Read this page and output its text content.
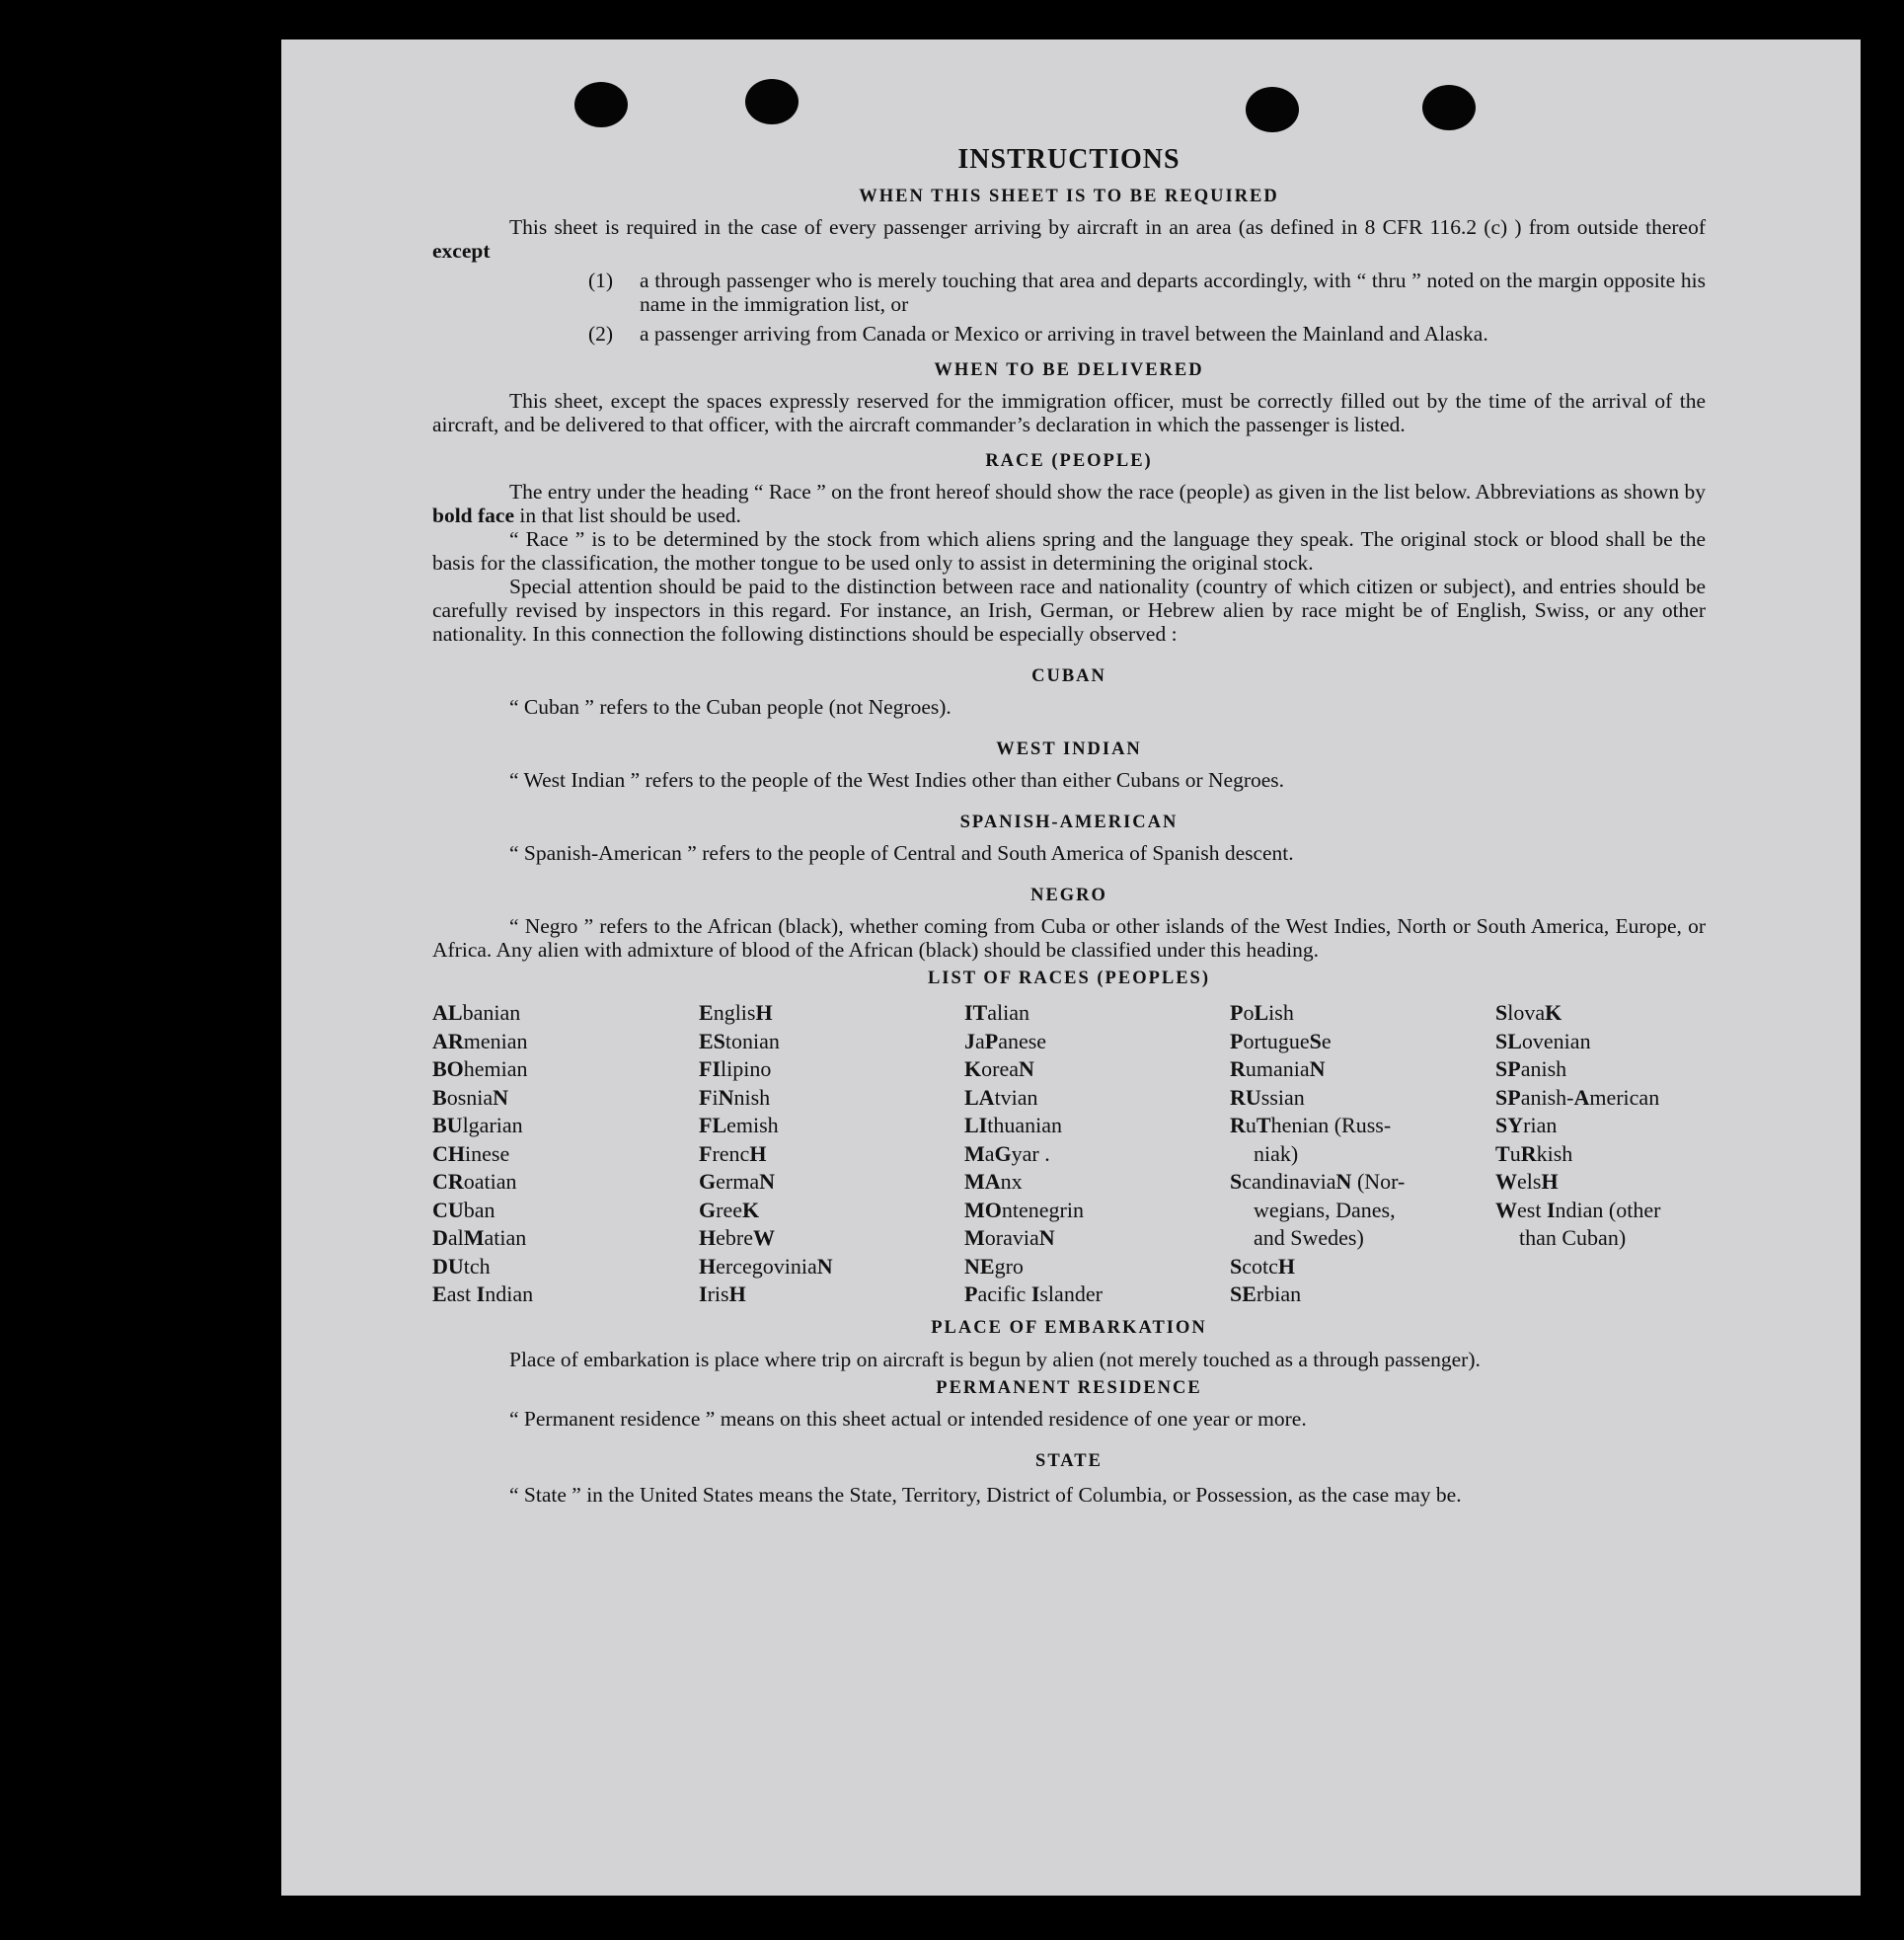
INSTRUCTIONS
WHEN THIS SHEET IS TO BE REQUIRED

This sheet is required in the case of every passenger arriving by aircraft in an area (as defined in 8 CFR 116.2 (c) ) from outside thereof except

(1)	a through passenger who is merely touching that area and departs accordingly, with “ thru ” noted on the margin opposite his name in the immigration list, or
(2)	a passenger arriving from Canada or Mexico or arriving in travel between the Mainland and Alaska.
WHEN TO BE DELIVERED

This sheet, except the spaces expressly reserved for the immigration officer, must be correctly filled out by the time of the arrival of the aircraft, and be delivered to that officer, with the aircraft commander’s declaration in which the passenger is listed.

RACE (PEOPLE)

The entry under the heading “ Race ” on the front hereof should show the race (people) as given in the list below. Abbreviations as shown by bold face in that list should be used.

“ Race ” is to be determined by the stock from which aliens spring and the language they speak. The original stock or blood shall be the basis for the classification, the mother tongue to be used only to assist in determining the original stock.

Special attention should be paid to the distinction between race and nationality (country of which citizen or subject), and entries should be carefully revised by inspectors in this regard. For instance, an Irish, German, or Hebrew alien by race might be of English, Swiss, or any other nationality. In this connection the following distinctions should be especially observed :

CUBAN

“ Cuban ” refers to the Cuban people (not Negroes).

WEST INDIAN

“ West Indian ” refers to the people of the West Indies other than either Cubans or Negroes.

SPANISH-AMERICAN

“ Spanish-American ” refers to the people of Central and South America of Spanish descent.

NEGRO

“ Negro ” refers to the African (black), whether coming from Cuba or other islands of the West Indies, North or South America, Europe, or Africa. Any alien with admixture of blood of the African (black) should be classified under this heading.

LIST OF RACES (PEOPLES)
ALbanian
ARmenian
BOhemian
BosniaN
BUlgarian
CHinese
CRoatian
CUban
DalMatian
DUtch
East Indian
EnglisH
EStonian
FIlipino
FiNnish
FLemish
FrencH
GermaN
GreeK
HebreW
HercegoviniaN
IrisH
ITalian
JaPanese
KoreaN
LAtvian
LIthuanian
MaGyar .
MAnx
MOntenegrin
MoraviaN
NEgro
Pacific Islander
PoLish
PortugueSe
RumaniaN
RUssian
RuThenian (Russ-
niak)
ScandinaviaN (Nor-
wegians, Danes,
and Swedes)
ScotcH
SErbian
SlovaK
SLovenian
SPanish
SPanish-American
SYrian
TuRkish
WelsH
West Indian (other
than Cuban)
PLACE OF EMBARKATION

Place of embarkation is place where trip on aircraft is begun by alien (not merely touched as a through passenger).

PERMANENT RESIDENCE

“ Permanent residence ” means on this sheet actual or intended residence of one year or more.

STATE

“ State ” in the United States means the State, Territory, District of Columbia, or Possession, as the case may be.
